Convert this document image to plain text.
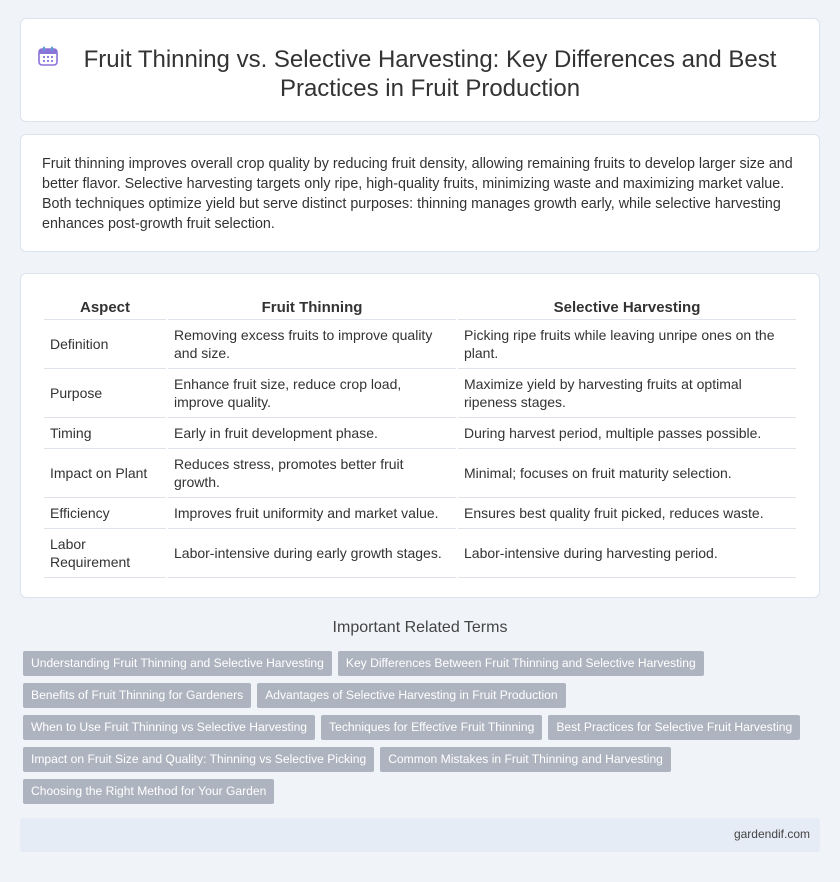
Fruit Thinning vs. Selective Harvesting: Key Differences and Best Practices in Fruit Production

Fruit thinning improves overall crop quality by reducing fruit density, allowing remaining fruits to develop larger size and better flavor. Selective harvesting targets only ripe, high-quality fruits, minimizing waste and maximizing market value. Both techniques optimize yield but serve distinct purposes: thinning manages growth early, while selective harvesting enhances post-growth fruit selection.

Aspect	Fruit Thinning	Selective Harvesting
Definition	Removing excess fruits to improve quality and size.	Picking ripe fruits while leaving unripe ones on the plant.
Purpose	Enhance fruit size, reduce crop load, improve quality.	Maximize yield by harvesting fruits at optimal ripeness stages.
Timing	Early in fruit development phase.	During harvest period, multiple passes possible.
Impact on Plant	Reduces stress, promotes better fruit growth.	Minimal; focuses on fruit maturity selection.
Efficiency	Improves fruit uniformity and market value.	Ensures best quality fruit picked, reduces waste.
Labor Requirement	Labor-intensive during early growth stages.	Labor-intensive during harvesting period.
Important Related Terms
Understanding Fruit Thinning and Selective Harvesting Key Differences Between Fruit Thinning and Selective Harvesting
Benefits of Fruit Thinning for Gardeners Advantages of Selective Harvesting in Fruit Production
When to Use Fruit Thinning vs Selective Harvesting Techniques for Effective Fruit Thinning Best Practices for Selective Fruit Harvesting
Impact on Fruit Size and Quality: Thinning vs Selective Picking Common Mistakes in Fruit Thinning and Harvesting
Choosing the Right Method for Your Garden
gardendif.com
